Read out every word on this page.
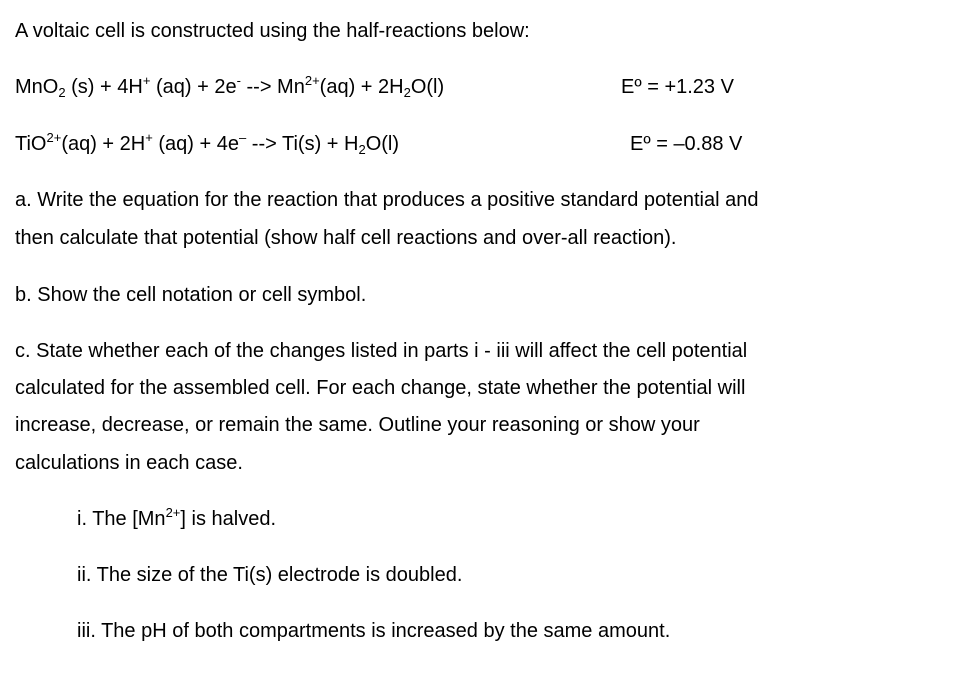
A voltaic cell is constructed using the half-reactions below:
MnO$_2$ (s) + 4H+ (aq) + 2e- --> $Mn^{2+}(aq) + 2H_2O(l)$	Eº = +1.23 V
TiO$^{2+}$(aq) + 2H+ (aq) + 4e– --> $Ti(s) + H_2O(l)$	Eº = –0.88 V
a. Write the equation for the reaction that produces a positive standard potential and
then calculate that potential (show half cell reactions and over-all reaction).
b. Show the cell notation or cell symbol.
c. State whether each of the changes listed in parts i - iii will affect the cell potential
calculated for the assembled cell. For each change, state whether the potential will
increase, decrease, or remain the same. Outline your reasoning or show your
calculations in each case.
i. The $[Mn^{2+}]$ is halved.
ii. The size of the Ti(s) electrode is doubled.
iii. The pH of both compartments is increased by the same amount.
